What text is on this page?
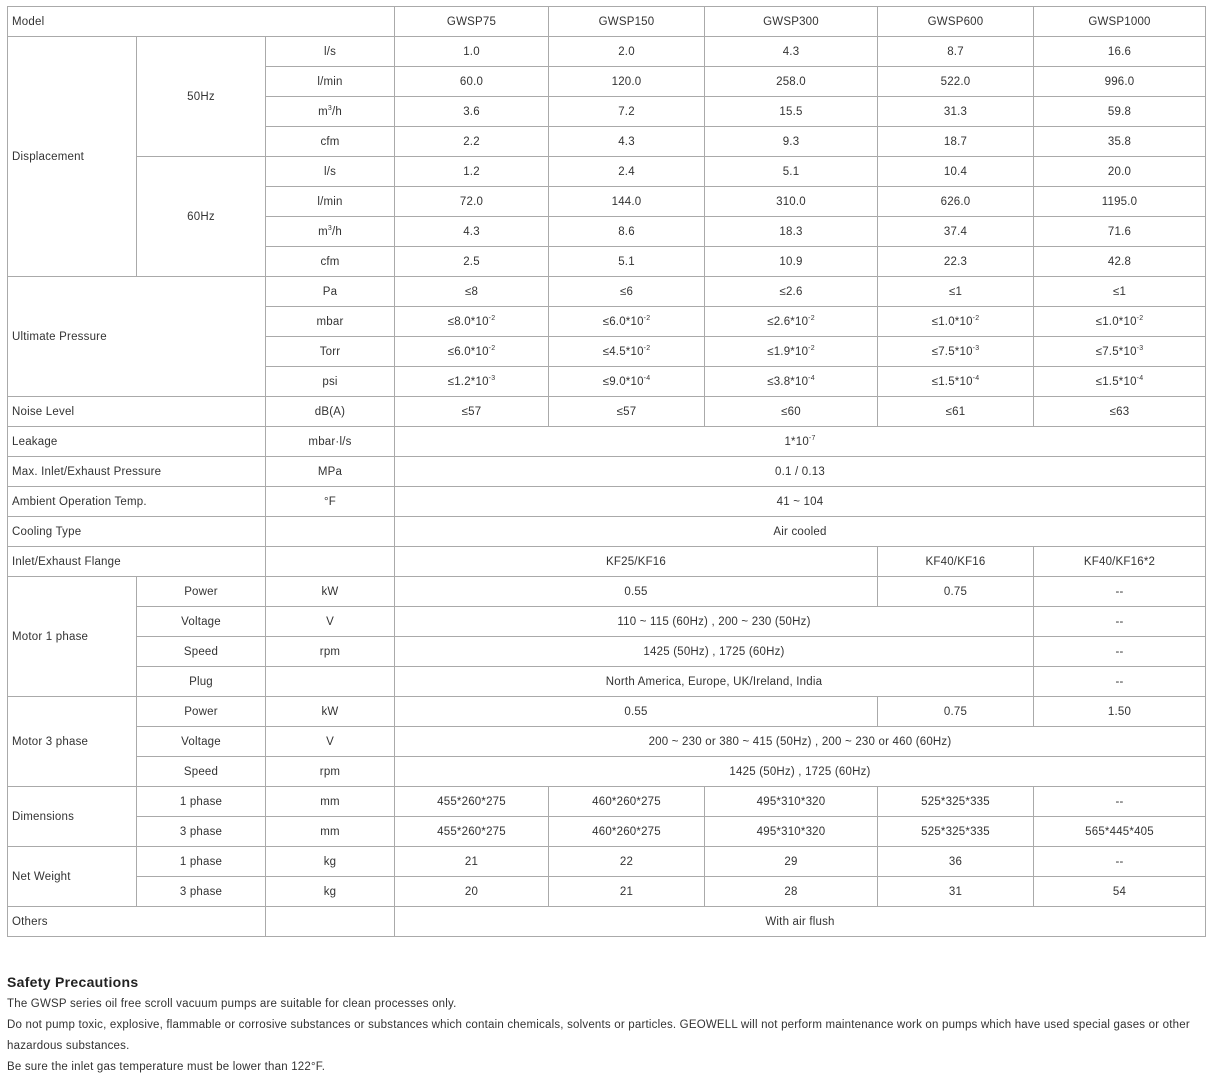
Model			GWSP75	GWSP150	GWSP300	GWSP600	GWSP1000
Displacement	50Hz	l/s	1.0	2.0	4.3	8.7	16.6
		l/min	60.0	120.0	258.0	522.0	996.0
		$m^3/h$	3.6	7.2	15.5	31.3	59.8
		cfm	2.2	4.3	9.3	18.7	35.8
	60Hz	l/s	1.2	2.4	5.1	10.4	20.0
		l/min	72.0	144.0	310.0	626.0	1195.0
		$m^3/h$	4.3	8.6	18.3	37.4	71.6
		cfm	2.5	5.1	10.9	22.3	42.8
Ultimate Pressure		Pa	≤8	≤6	≤2.6	≤1	≤1
		mbar	$\le 8.0*10^{-2}$	$\le 6.0*10^{-2}$	$\le 2.6*10^{-2}$	$\le 1.0*10^{-2}$	$\le 1.0*10^{-2}$
		Torr	$\le 6.0*10^{-2}$	$\le 4.5*10^{-2}$	$\le 1.9*10^{-2}$	$\le 7.5*10^{-3}$	$\le 7.5*10^{-3}$
		psi	$\le 1.2*10^{-3}$	$\le 9.0*10^{-4}$	$\le 3.8*10^{-4}$	$\le 1.5*10^{-4}$	$\le 1.5*10^{-4}$
Noise Level		dB(A)	≤57	≤57	≤60	≤61	≤63
Leakage		mbar·l/s	$1*10^{-7}$
Max. Inlet/Exhaust Pressure		MPa	0.1 / 0.13				
Ambient Operation Temp.		°F	41 ~ 104				
Cooling Type			Air cooled				
Inlet/Exhaust Flange			KF25/KF16			KF40/KF16	KF40/KF16*2
Motor 1 phase	Power	kW	0.55			0.75	--
	Voltage	V	110 ~ 115 (60Hz) , 200 ~ 230 (50Hz)				--
	Speed	rpm	1425 (50Hz) , 1725 (60Hz)				--
	Plug		North America, Europe, UK/Ireland, India				--
Motor 3 phase	Power	kW	0.55			0.75	1.50
	Voltage	V	200 ~ 230 or 380 ~ 415 (50Hz) , 200 ~ 230 or 460 (60Hz)				
	Speed	rpm	1425 (50Hz) , 1725 (60Hz)				
Dimensions	1 phase	mm	455*260*275	460*260*275	495*310*320	525*325*335	--
	3 phase	mm	455*260*275	460*260*275	495*310*320	525*325*335	565*445*405
Net Weight	1 phase	kg	21	22	29	36	--
	3 phase	kg	20	21	28	31	54
Others			With air flush				
Safety Precautions

The GWSP series oil free scroll vacuum pumps are suitable for clean processes only.

Do not pump toxic, explosive, flammable or corrosive substances or substances which contain chemicals, solvents or particles. GEOWELL will not perform maintenance work on pumps which have used special gases or other hazardous substances.

Be sure the inlet gas temperature must be lower than 122°F.
